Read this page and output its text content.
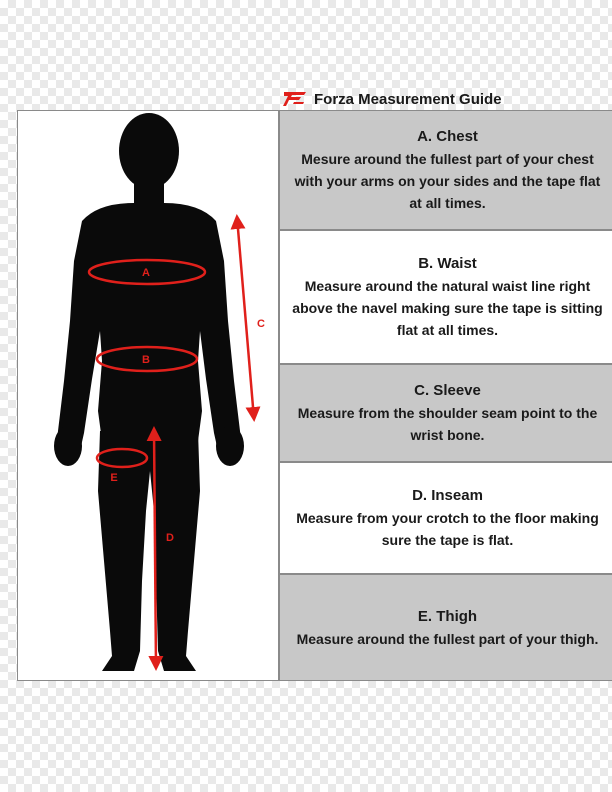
Forza Measurement Guide
A
B
C
D
E
A. Chest
Mesure around the fullest part of your chest with your arms on your sides and the tape flat at all times.
B. Waist
Measure around the natural waist line right above the navel making sure the tape is sitting flat at all times.
C. Sleeve
Measure from the shoulder seam point to the wrist bone.
D. Inseam
Measure from your crotch to the floor making sure the tape is flat.
E. Thigh
Measure around the fullest part of your thigh.
